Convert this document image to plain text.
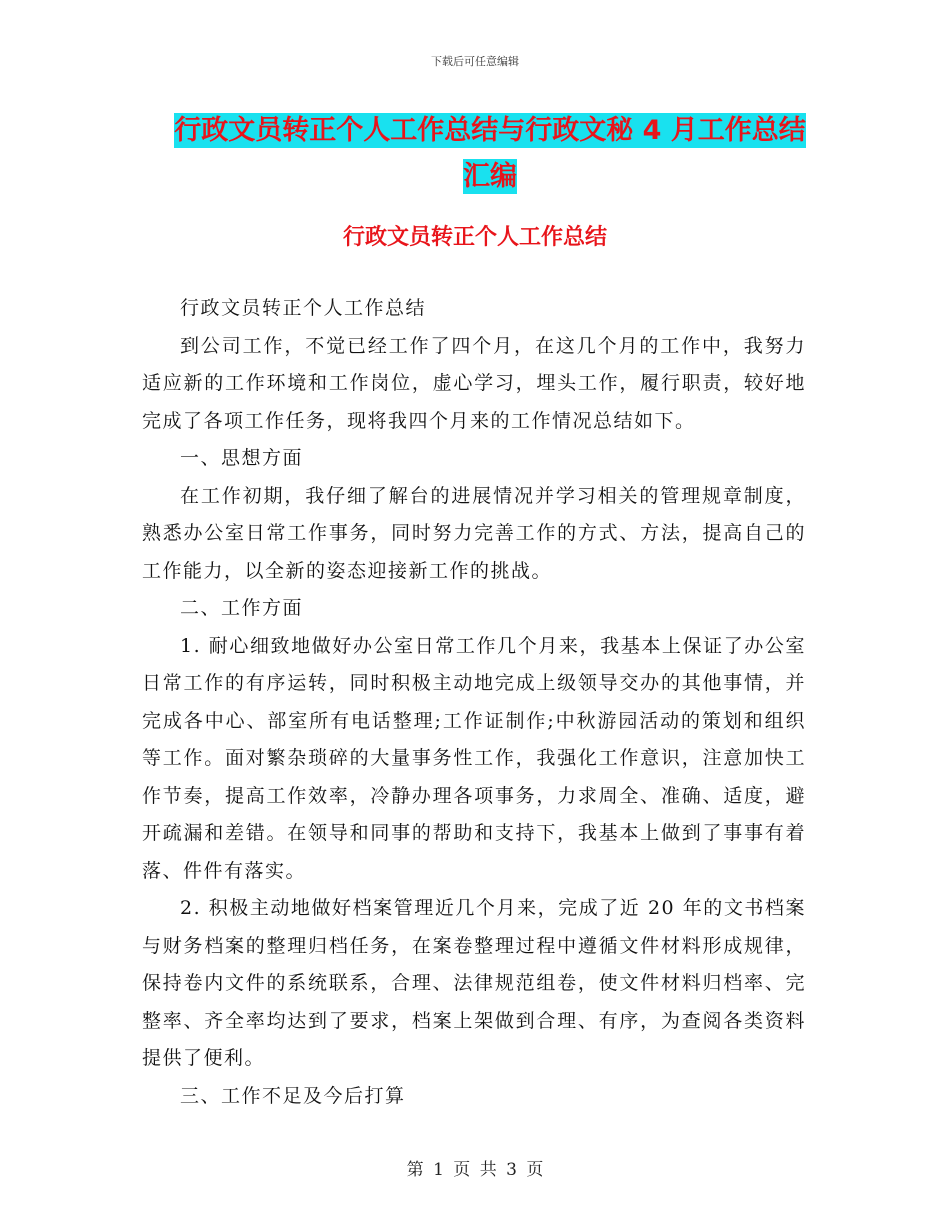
下载后可任意编辑
行政文员转正个人工作总结与行政文秘 4 月工作总结
汇编
行政文员转正个人工作总结

行政文员转正个人工作总结

到公司工作，不觉已经工作了四个月，在这几个月的工作中，我努力适应新的工作环境和工作岗位，虚心学习，埋头工作，履行职责，较好地完成了各项工作任务，现将我四个月来的工作情况总结如下。

一、思想方面

在工作初期，我仔细了解台的进展情况并学习相关的管理规章制度，熟悉办公室日常工作事务，同时努力完善工作的方式、方法，提高自己的工作能力，以全新的姿态迎接新工作的挑战。

二、工作方面

1. 耐心细致地做好办公室日常工作几个月来，我基本上保证了办公室日常工作的有序运转，同时积极主动地完成上级领导交办的其他事情，并完成各中心、部室所有电话整理;工作证制作;中秋游园活动的策划和组织等工作。面对繁杂琐碎的大量事务性工作，我强化工作意识，注意加快工作节奏，提高工作效率，冷静办理各项事务，力求周全、准确、适度，避开疏漏和差错。在领导和同事的帮助和支持下，我基本上做到了事事有着落、件件有落实。

2. 积极主动地做好档案管理近几个月来，完成了近 20 年的文书档案与财务档案的整理归档任务，在案卷整理过程中遵循文件材料形成规律，保持卷内文件的系统联系，合理、法律规范组卷，使文件材料归档率、完整率、齐全率均达到了要求，档案上架做到合理、有序，为查阅各类资料提供了便利。

三、工作不足及今后打算

第 1 页 共 3 页
